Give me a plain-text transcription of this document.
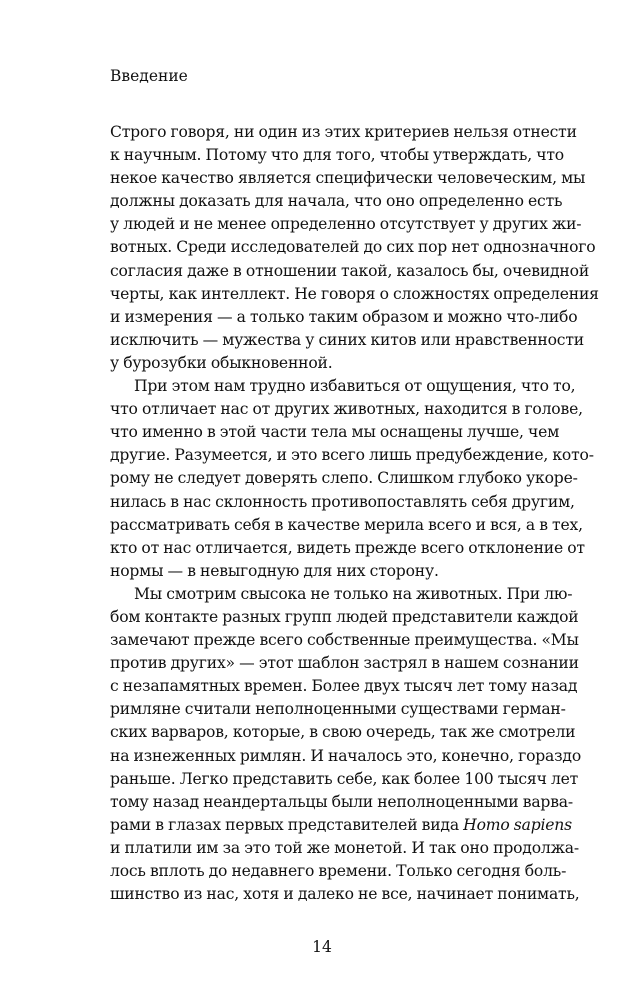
Введение
Строго говоря, ни один из этих критериев нельзя отнести
к научным. Потому что для того, чтобы утверждать, что
некое качество является специфически человеческим, мы
должны доказать для начала, что оно определенно есть
у людей и не менее определенно отсутствует у других жи-
вотных. Среди исследователей до сих пор нет однозначного
согласия даже в отношении такой, казалось бы, очевидной
черты, как интеллект. Не говоря о сложностях определения
и измерения — а только таким образом и можно что-либо
исключить — мужества у синих китов или нравственности
у бурозубки обыкновенной.
При этом нам трудно избавиться от ощущения, что то,
что отличает нас от других животных, находится в голове,
что именно в этой части тела мы оснащены лучше, чем
другие. Разумеется, и это всего лишь предубеждение, кото-
рому не следует доверять слепо. Слишком глубоко укоре-
нилась в нас склонность противопоставлять себя другим,
рассматривать себя в качестве мерила всего и вся, а в тех,
кто от нас отличается, видеть прежде всего отклонение от
нормы — в невыгодную для них сторону.
Мы смотрим свысока не только на животных. При лю-
бом контакте разных групп людей представители каждой
замечают прежде всего собственные преимущества. «Мы
против других» — этот шаблон застрял в нашем сознании
с незапамятных времен. Более двух тысяч лет тому назад
римляне считали неполноценными существами герман-
ских варваров, которые, в свою очередь, так же смотрели
на изнеженных римлян. И началось это, конечно, гораздо
раньше. Легко представить себе, как более 100 тысяч лет
тому назад неандертальцы были неполноценными варва-
рами в глазах первых представителей вида Homo sapiens
и платили им за это той же монетой. И так оно продолжа-
лось вплоть до недавнего времени. Только сегодня боль-
шинство из нас, хотя и далеко не все, начинает понимать,
14
